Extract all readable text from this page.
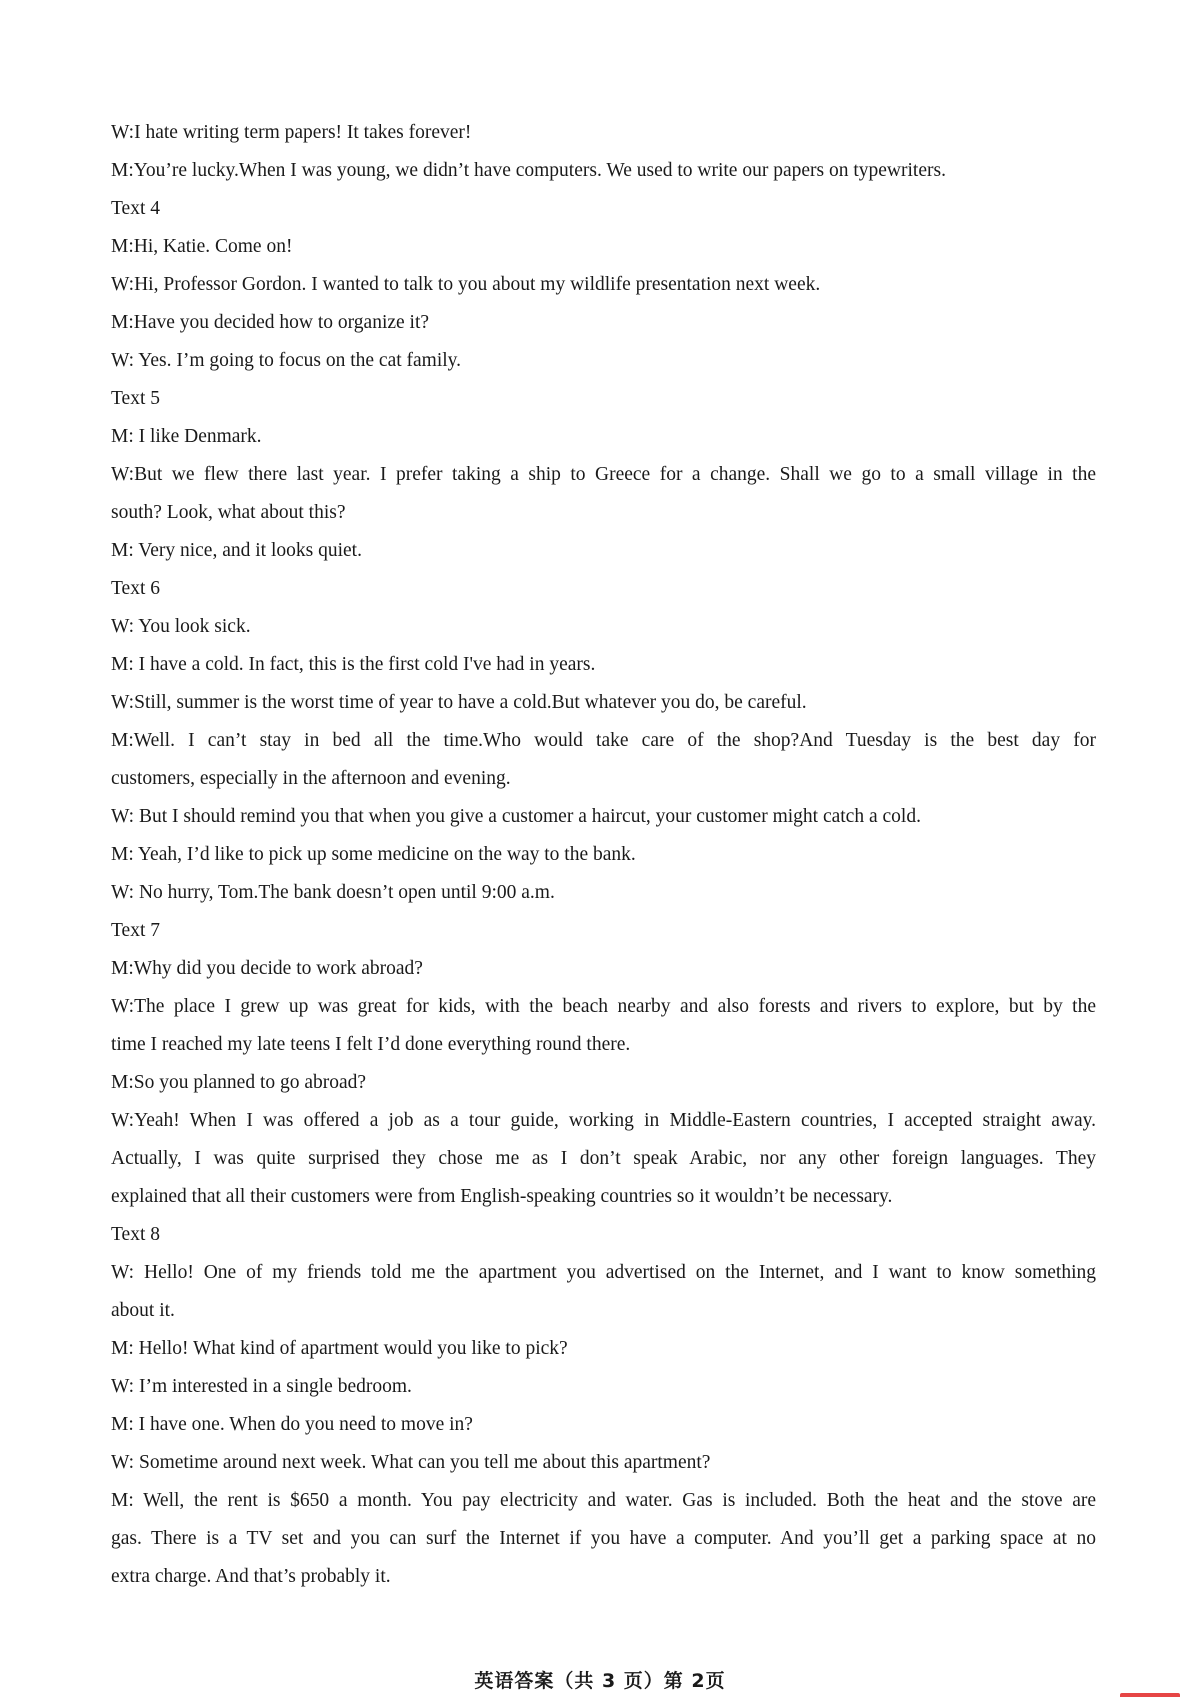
W:I hate writing term papers! It takes forever!

M:You’re lucky.When I was young, we didn’t have computers. We used to write our papers on typewriters.

Text 4

M:Hi, Katie. Come on!

W:Hi, Professor Gordon. I wanted to talk to you about my wildlife presentation next week.

M:Have you decided how to organize it?

W: Yes. I’m going to focus on the cat family.

Text 5

M: I like Denmark.

W:But we flew there last year. I prefer taking a ship to Greece for a change. Shall we go to a small village in the

south? Look, what about this?

M: Very nice, and it looks quiet.

Text 6

W: You look sick.

M: I have a cold. In fact, this is the first cold I've had in years.

W:Still, summer is the worst time of year to have a cold.But whatever you do, be careful.

M:Well. I can’t stay in bed all the time.Who would take care of the shop?And Tuesday is the best day for

customers, especially in the afternoon and evening.

W: But I should remind you that when you give a customer a haircut, your customer might catch a cold.

M: Yeah, I’d like to pick up some medicine on the way to the bank.

W: No hurry, Tom.The bank doesn’t open until 9:00 a.m.

Text 7

M:Why did you decide to work abroad?

W:The place I grew up was great for kids, with the beach nearby and also forests and rivers to explore, but by the

time I reached my late teens I felt I’d done everything round there.

M:So you planned to go abroad?

W:Yeah! When I was offered a job as a tour guide, working in Middle-Eastern countries, I accepted straight away.

Actually, I was quite surprised they chose me as I don’t speak Arabic, nor any other foreign languages. They

explained that all their customers were from English-speaking countries so it wouldn’t be necessary.

Text 8

W: Hello! One of my friends told me the apartment you advertised on the Internet, and I want to know something

about it.

M: Hello! What kind of apartment would you like to pick?

W: I’m interested in a single bedroom.

M: I have one. When do you need to move in?

W: Sometime around next week. What can you tell me about this apartment?

M: Well, the rent is $650 a month. You pay electricity and water. Gas is included. Both the heat and the stove are

gas. There is a TV set and you can surf the Internet if you have a computer. And you’ll get a parking space at no

extra charge. And that’s probably it.

英语答案（共 3 页）第 2页
